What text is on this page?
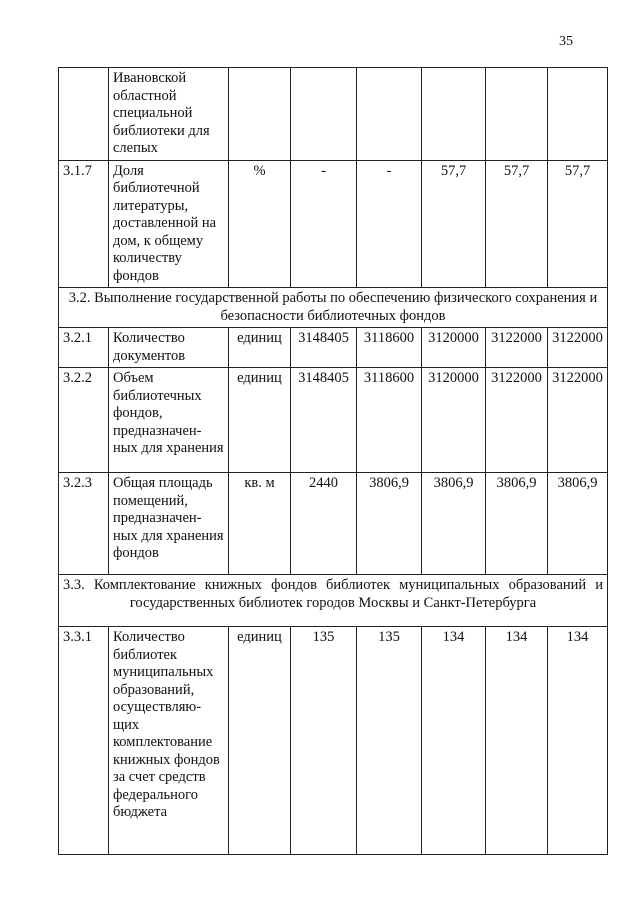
35
	Ивановской областной специальной библиотеки для слепых						
3.1.7	Доля библиотечной литературы, доставленной на дом, к общему количеству фондов	%	-	-	57,7	57,7	57,7
3.2. Выполнение государственной работы по обеспечению физического сохранения и безопасности библиотечных фондов							
3.2.1	Количество документов	единиц	3148405	3118600	3120000	3122000	3122000
3.2.2	Объем библиотечных фондов, предназначен-ных для хранения	единиц	3148405	3118600	3120000	3122000	3122000
3.2.3	Общая площадь помещений, предназначен-ных для хранения фондов	кв. м	2440	3806,9	3806,9	3806,9	3806,9
3.3. Комплектование книжных фондов библиотек муниципальных образований и государственных библиотек городов Москвы и Санкт-Петербурга							
3.3.1	Количество библиотек муниципальных образований, осуществляю-щих комплектование книжных фондов за счет средств федерального бюджета	единиц	135	135	134	134	134
